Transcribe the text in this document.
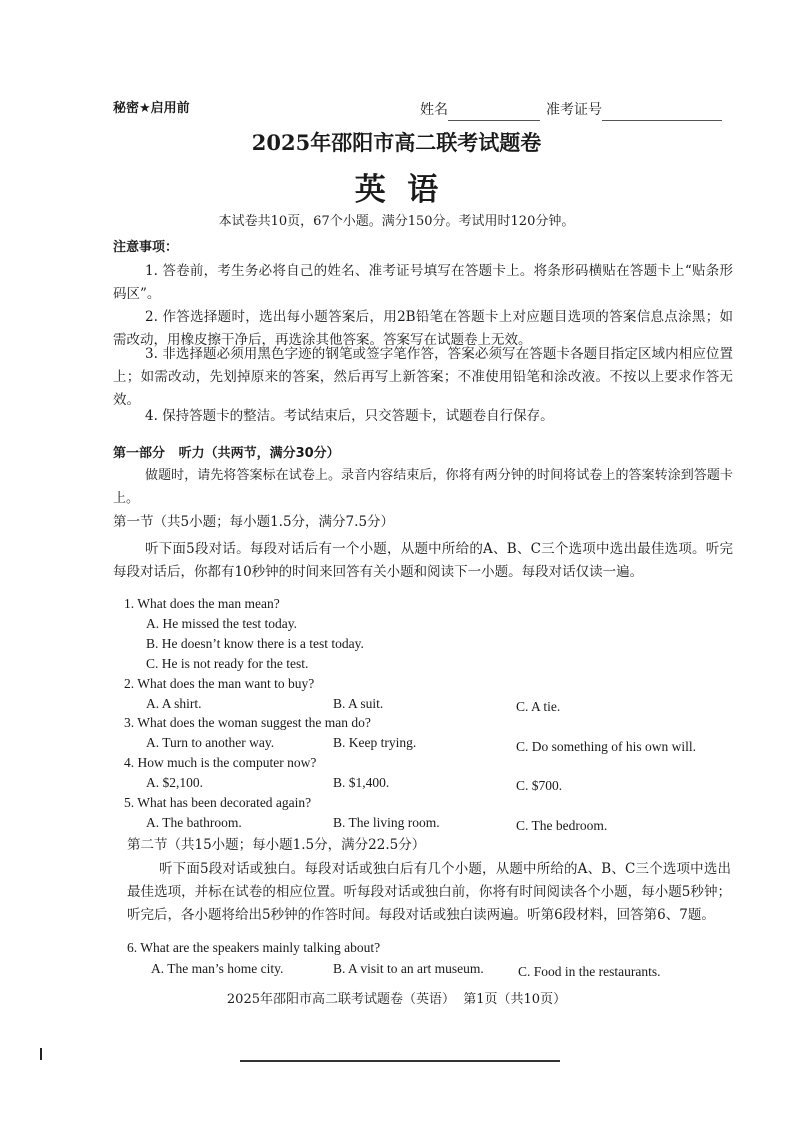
秘密★启用前	姓名	准考证号
2025年邵阳市高二联考试题卷
英  语
本试卷共10页，67个小题。满分150分。考试用时120分钟。
注意事项：
1. 答卷前，考生务必将自己的姓名、准考证号填写在答题卡上。将条形码横贴在答题卡上“贴条形码区”。
2. 作答选择题时，选出每小题答案后，用2B铅笔在答题卡上对应题目选项的答案信息点涂黑；如需改动，用橡皮擦干净后，再选涂其他答案。答案写在试题卷上无效。
3. 非选择题必须用黑色字迹的钢笔或签字笔作答，答案必须写在答题卡各题目指定区域内相应位置上；如需改动，先划掉原来的答案，然后再写上新答案；不准使用铅笔和涂改液。不按以上要求作答无效。
4. 保持答题卡的整洁。考试结束后，只交答题卡，试题卷自行保存。
第一部分   听力（共两节，满分30分）
做题时，请先将答案标在试卷上。录音内容结束后，你将有两分钟的时间将试卷上的答案转涂到答题卡上。
第一节（共5小题；每小题1.5分，满分7.5分）
听下面5段对话。每段对话后有一个小题，从题中所给的A、B、C三个选项中选出最佳选项。听完每段对话后，你都有10秒钟的时间来回答有关小题和阅读下一小题。每段对话仅读一遍。
1. What does the man mean?
A. He missed the test today.
B. He doesn’t know there is a test today.
C. He is not ready for the test.
2. What does the man want to buy?
A. A shirt.	B. A suit.	C. A tie.
3. What does the woman suggest the man do?
A. Turn to another way.	B. Keep trying.	C. Do something of his own will.
4. How much is the computer now?
A. $2,100.	B. $1,400.	C. $700.
5. What has been decorated again?
A. The bathroom.	B. The living room.	C. The bedroom.
第二节（共15小题；每小题1.5分，满分22.5分）
听下面5段对话或独白。每段对话或独白后有几个小题，从题中所给的A、B、C三个选项中选出最佳选项，并标在试卷的相应位置。听每段对话或独白前，你将有时间阅读各个小题，每小题5秒钟；听完后，各小题将给出5秒钟的作答时间。每段对话或独白读两遍。听第6段材料，回答第6、7题。
6. What are the speakers mainly talking about?
A. The man’s home city.	B. A visit to an art museum.	C. Food in the restaurants.
2025年邵阳市高二联考试题卷（英语）  第1页（共10页）
